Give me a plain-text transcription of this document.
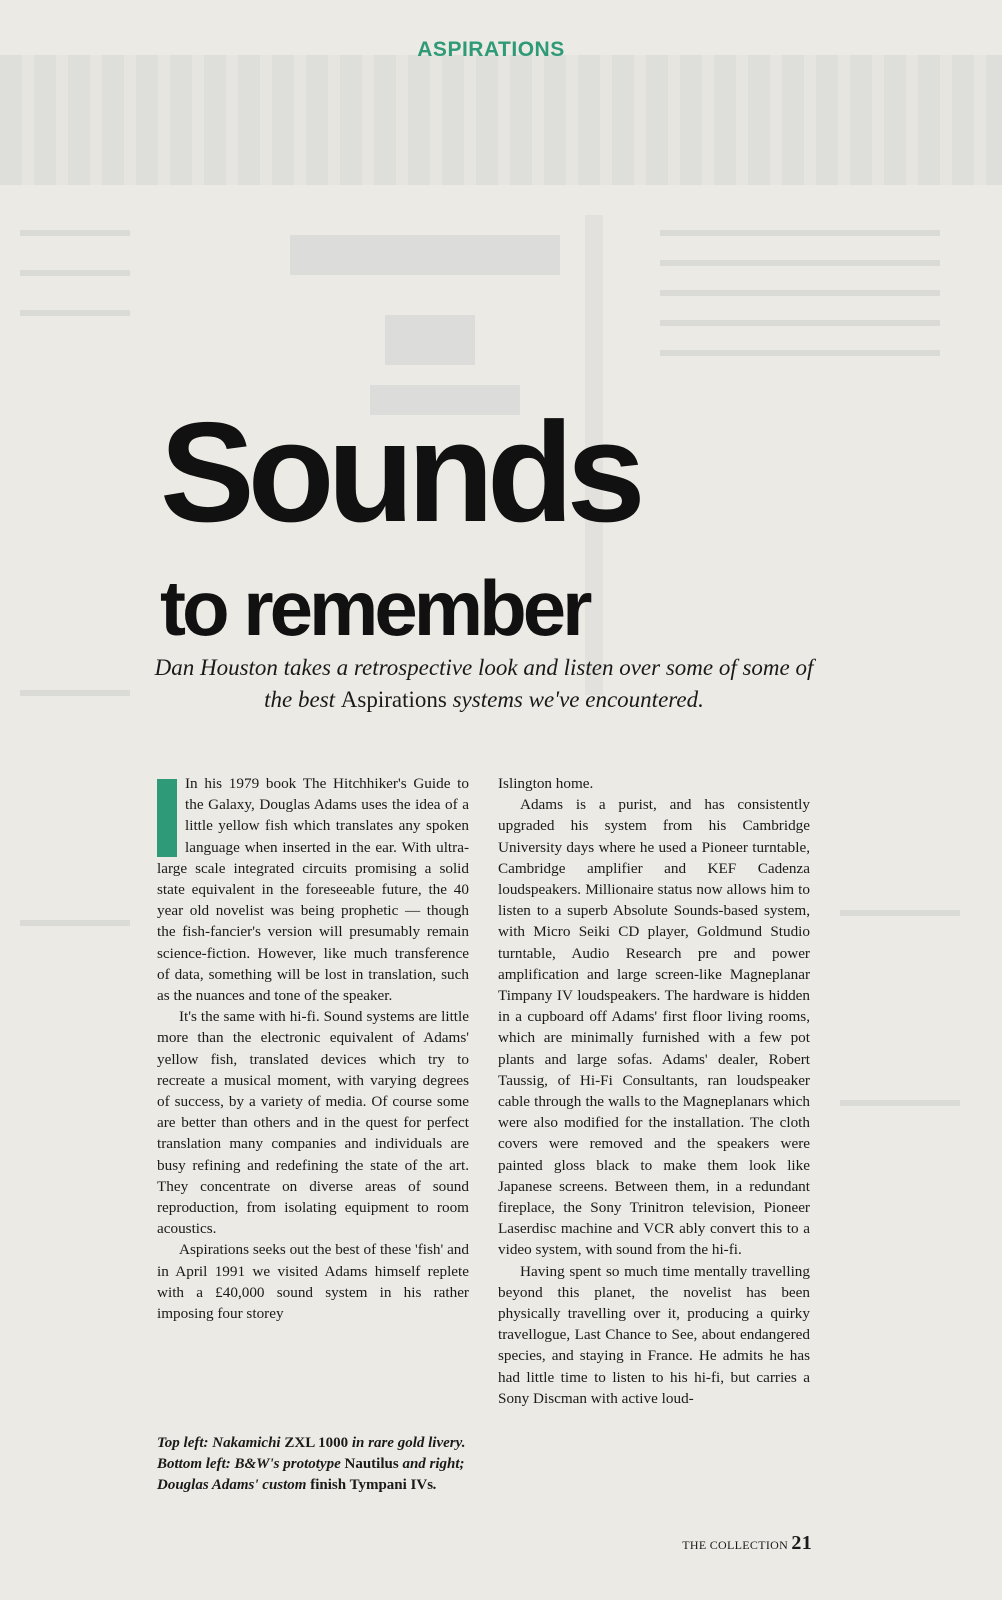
ASPIRATIONS
Sounds
to remember
Dan Houston takes a retrospective look and listen over some of some of the best Aspirations systems we've encountered.

In his 1979 book The Hitchhiker's Guide to the Galaxy, Douglas Adams uses the idea of a little yellow fish which translates any spoken language when inserted in the ear. With ultra-large scale integrated circuits promising a solid state equivalent in the foreseeable future, the 40 year old novelist was being prophetic — though the fish-fancier's version will presumably remain science-fiction. However, like much transference of data, something will be lost in translation, such as the nuances and tone of the speaker.

It's the same with hi-fi. Sound systems are little more than the electronic equivalent of Adams' yellow fish, translated devices which try to recreate a musical moment, with varying degrees of success, by a variety of media. Of course some are better than others and in the quest for perfect translation many companies and individuals are busy refining and redefining the state of the art. They concentrate on diverse areas of sound reproduction, from isolating equipment to room acoustics.

Aspirations seeks out the best of these 'fish' and in April 1991 we visited Adams himself replete with a £40,000 sound system in his rather imposing four storey

Islington home.

Adams is a purist, and has consistently upgraded his system from his Cambridge University days where he used a Pioneer turntable, Cambridge amplifier and KEF Cadenza loudspeakers. Millionaire status now allows him to listen to a superb Absolute Sounds-based system, with Micro Seiki CD player, Goldmund Studio turntable, Audio Research pre and power amplification and large screen-like Magneplanar Timpany IV loudspeakers. The hardware is hidden in a cupboard off Adams' first floor living rooms, which are minimally furnished with a few pot plants and large sofas. Adams' dealer, Robert Taussig, of Hi-Fi Consultants, ran loudspeaker cable through the walls to the Magneplanars which were also modified for the installation. The cloth covers were removed and the speakers were painted gloss black to make them look like Japanese screens. Between them, in a redundant fireplace, the Sony Trinitron television, Pioneer Laserdisc machine and VCR ably convert this to a video system, with sound from the hi-fi.

Having spent so much time mentally travelling beyond this planet, the novelist has been physically travelling over it, producing a quirky travellogue, Last Chance to See, about endangered species, and staying in France. He admits he has had little time to listen to his hi-fi, but carries a Sony Discman with active loud-

Top left: Nakamichi ZXL 1000 in rare gold livery. Bottom left: B&W's prototype Nautilus and right; Douglas Adams' custom finish Tympani IVs.
THE COLLECTION 21
